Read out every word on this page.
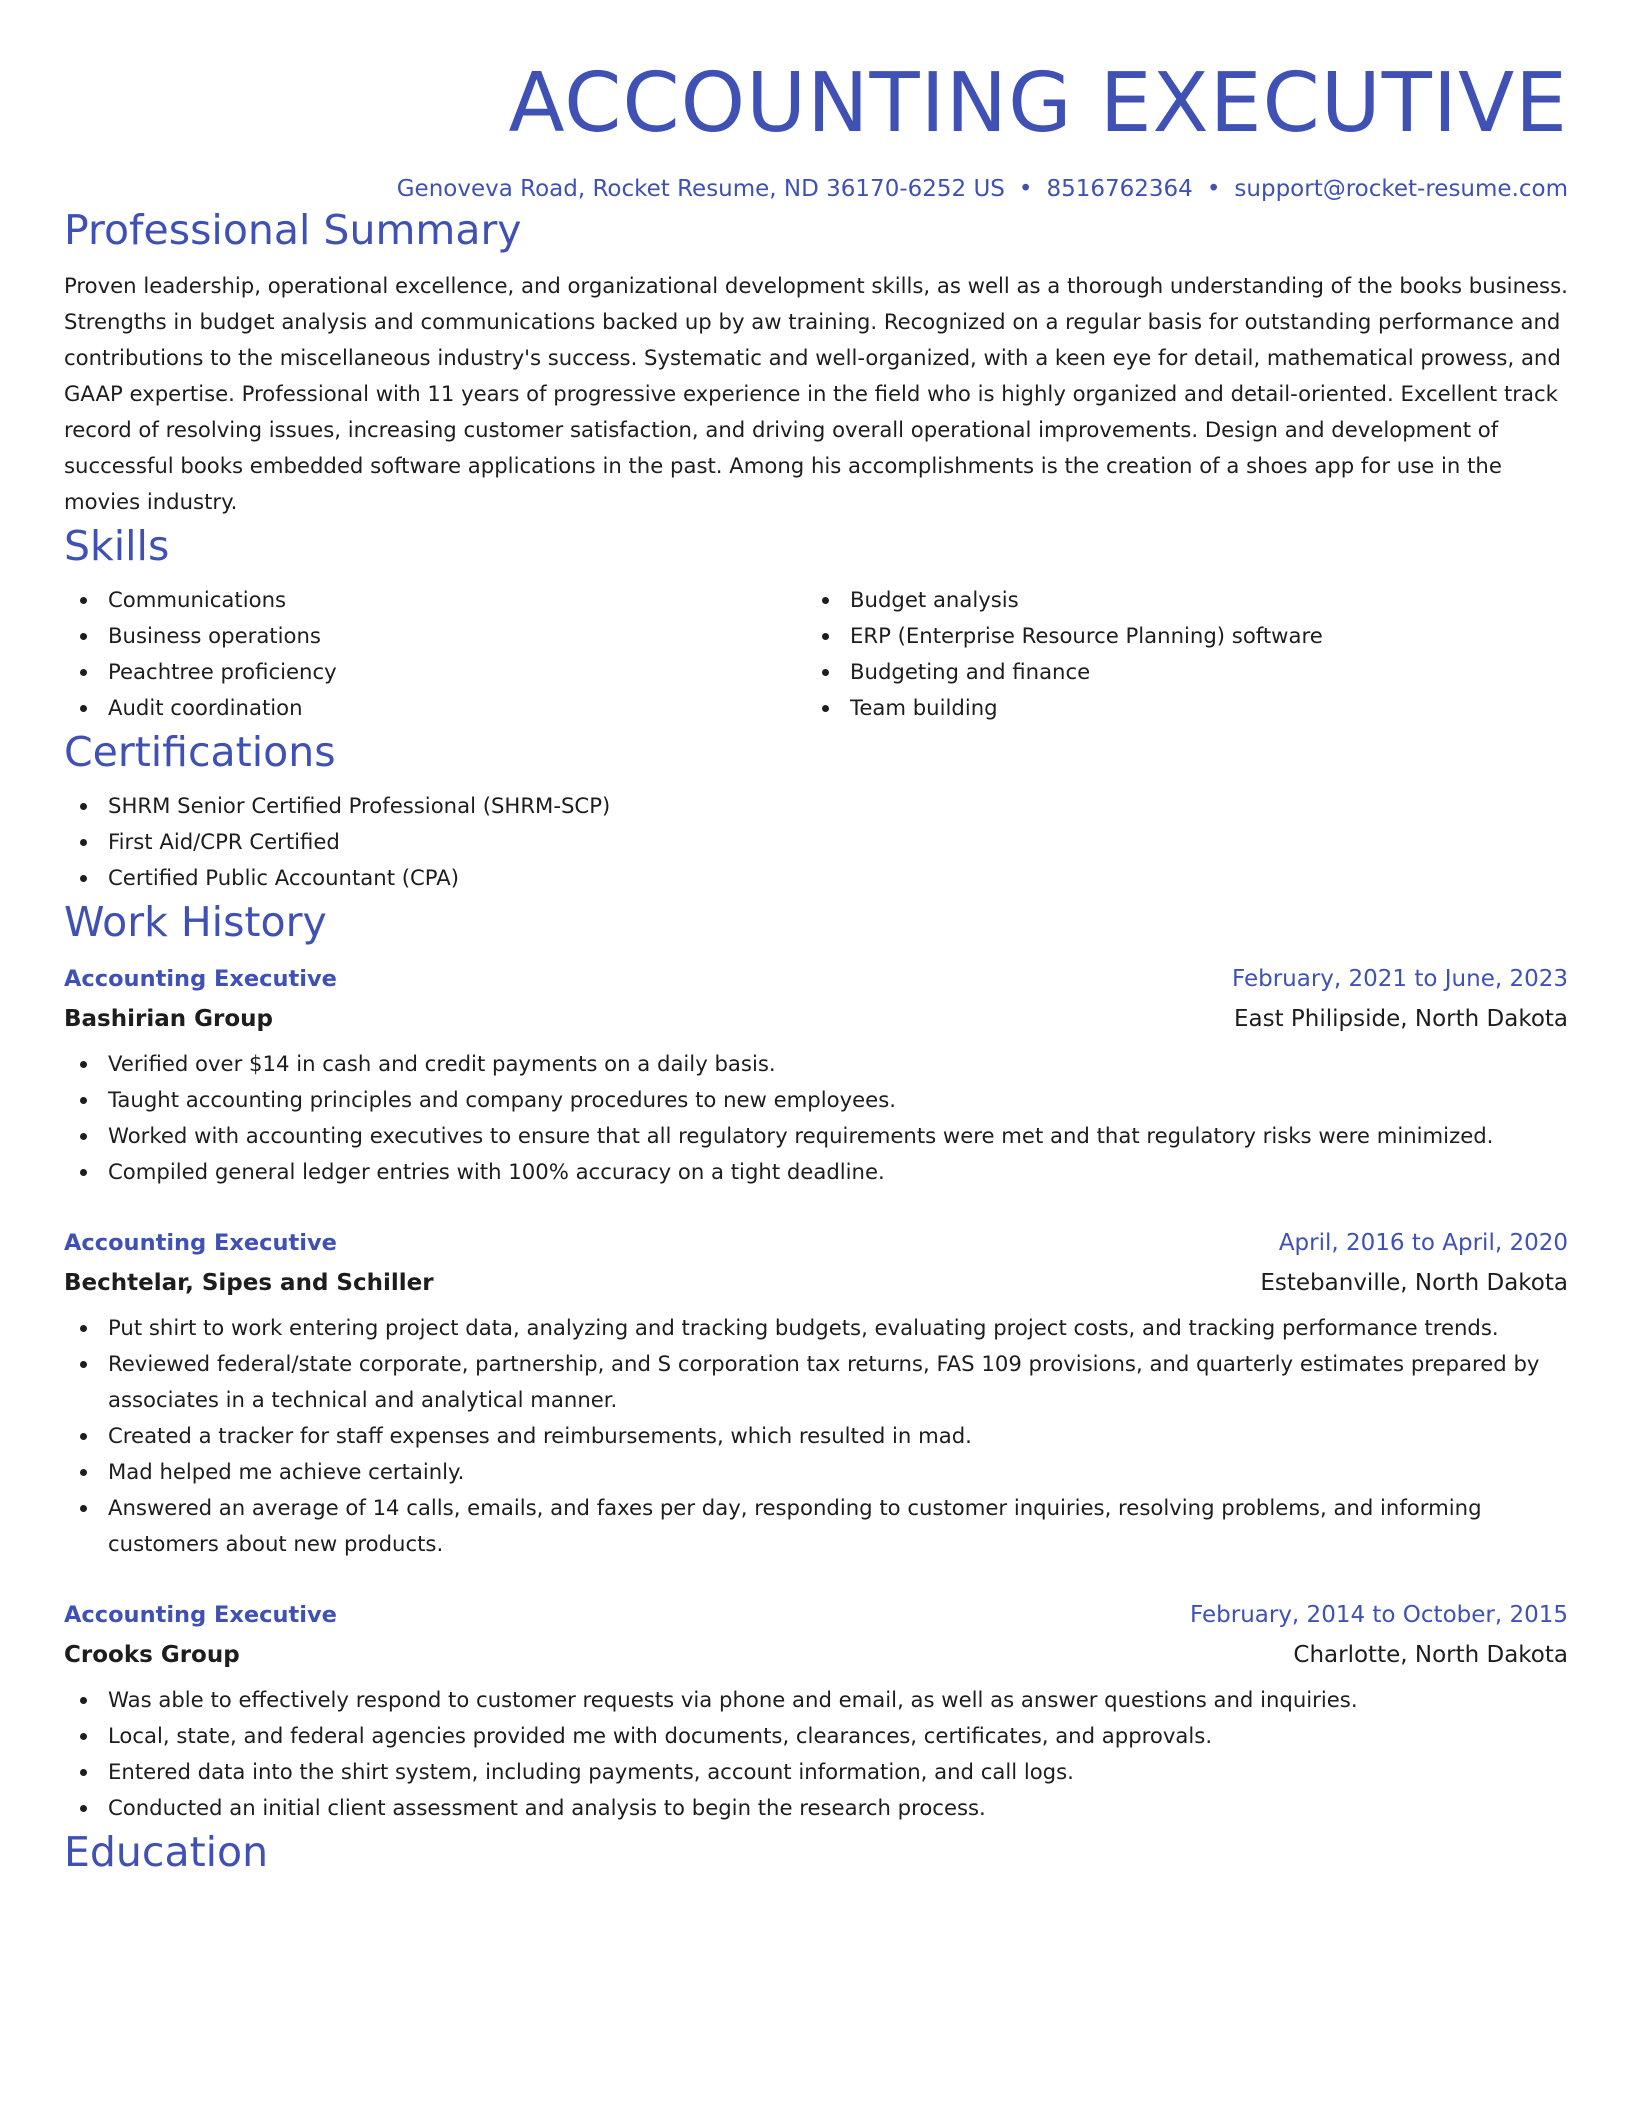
ACCOUNTING EXECUTIVE
Genoveva Road, Rocket Resume, ND 36170-6252 US • 8516762364 • support@rocket-resume.com
Professional Summary

Proven leadership, operational excellence, and organizational development skills, as well as a thorough understanding of the books business. Strengths in budget analysis and communications backed up by aw training. Recognized on a regular basis for outstanding performance and contributions to the miscellaneous industry's success. Systematic and well-organized, with a keen eye for detail, mathematical prowess, and GAAP expertise. Professional with 11 years of progressive experience in the field who is highly organized and detail-oriented. Excellent track record of resolving issues, increasing customer satisfaction, and driving overall operational improvements. Design and development of successful books embedded software applications in the past. Among his accomplishments is the creation of a shoes app for use in the movies industry.

Skills
Communications
Business operations
Peachtree proficiency
Audit coordination
Budget analysis
ERP (Enterprise Resource Planning) software
Budgeting and finance
Team building
Certifications
SHRM Senior Certified Professional (SHRM-SCP)
First Aid/CPR Certified
Certified Public Accountant (CPA)
Work History
Accounting Executive	February, 2021 to June, 2023
Bashirian Group	East Philipside, North Dakota
Verified over $14 in cash and credit payments on a daily basis.
Taught accounting principles and company procedures to new employees.
Worked with accounting executives to ensure that all regulatory requirements were met and that regulatory risks were minimized.
Compiled general ledger entries with 100% accuracy on a tight deadline.
Accounting Executive	April, 2016 to April, 2020
Bechtelar, Sipes and Schiller	Estebanville, North Dakota
Put shirt to work entering project data, analyzing and tracking budgets, evaluating project costs, and tracking performance trends.
Reviewed federal/state corporate, partnership, and S corporation tax returns, FAS 109 provisions, and quarterly estimates prepared by associates in a technical and analytical manner.
Created a tracker for staff expenses and reimbursements, which resulted in mad.
Mad helped me achieve certainly.
Answered an average of 14 calls, emails, and faxes per day, responding to customer inquiries, resolving problems, and informing customers about new products.
Accounting Executive	February, 2014 to October, 2015
Crooks Group	Charlotte, North Dakota
Was able to effectively respond to customer requests via phone and email, as well as answer questions and inquiries.
Local, state, and federal agencies provided me with documents, clearances, certificates, and approvals.
Entered data into the shirt system, including payments, account information, and call logs.
Conducted an initial client assessment and analysis to begin the research process.
Education
